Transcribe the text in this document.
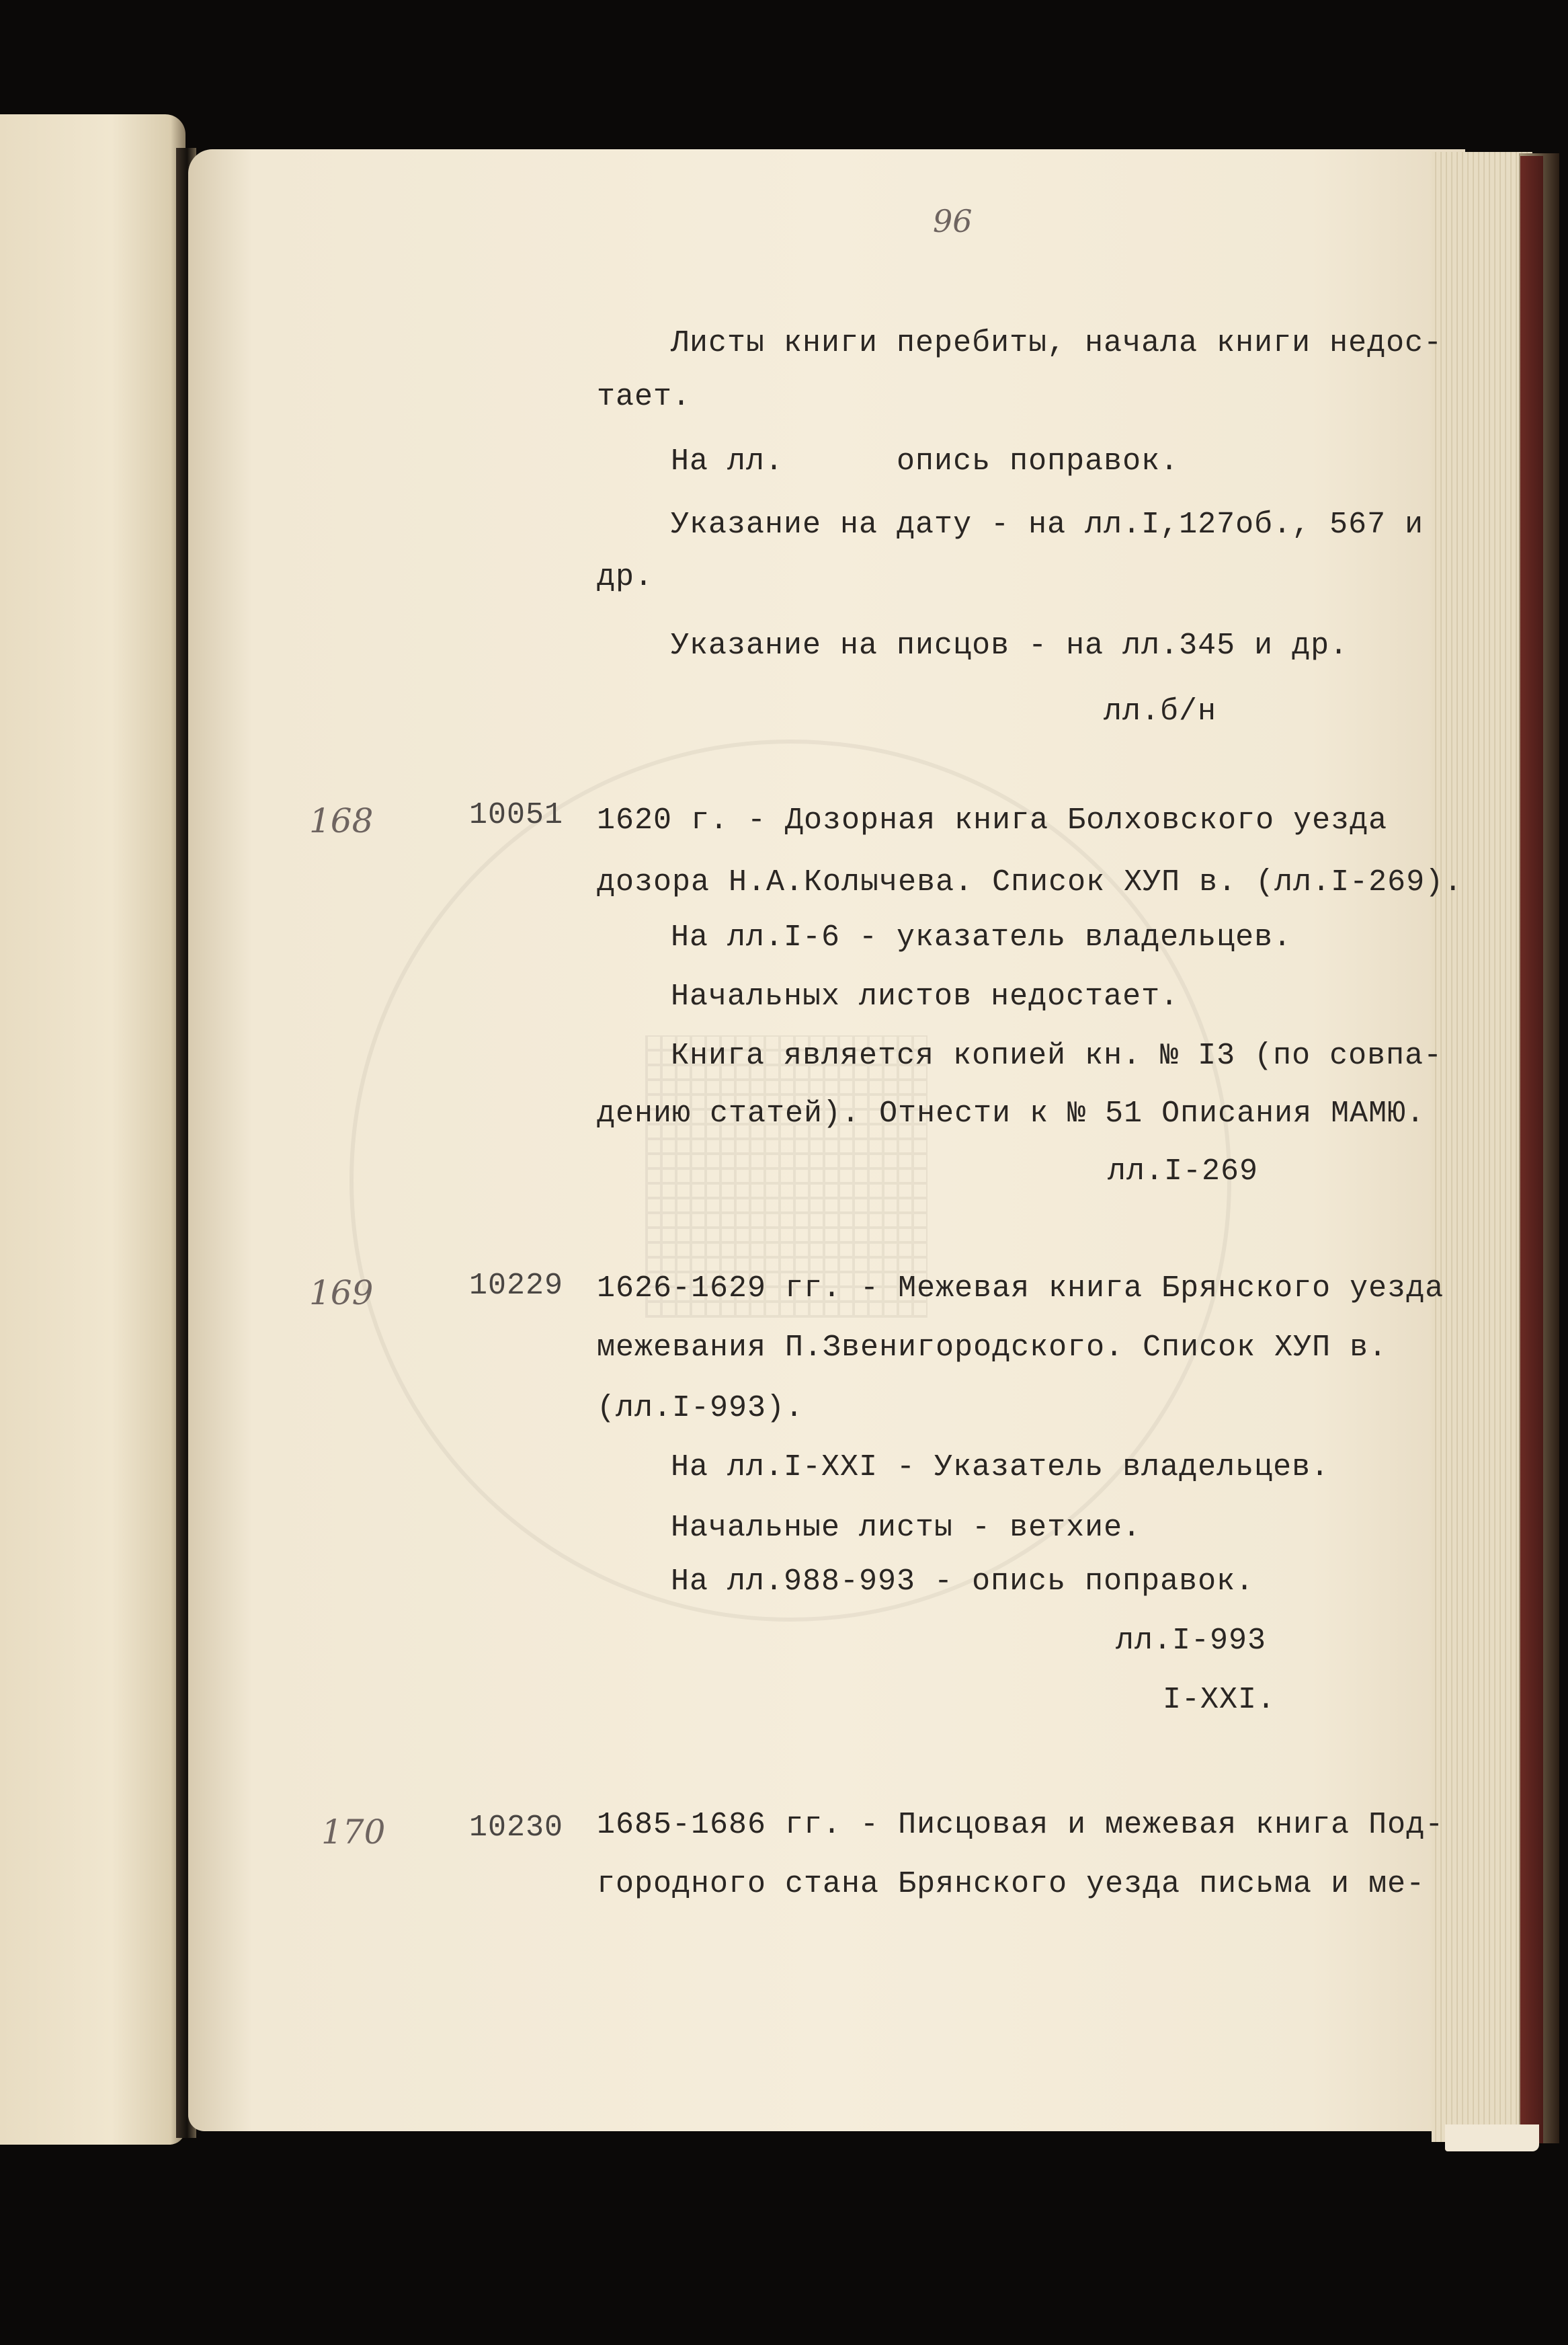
96
Листы книги перебиты, начала книги недос-
тает.
На лл.      опись поправок.
Указание на дату - на лл.I,127об., 567 и
др.
Указание на писцов - на лл.345 и др.
лл.б/н
168	10051 1620 г. - Дозорная книга Болховского уезда
дозора Н.А.Колычева. Список ХУП в. (лл.I-269).
На лл.I-6 - указатель владельцев.
Начальных листов недостает.
Книга является копией кн. № I3 (по совпа-
дению статей). Отнести к № 51 Описания МАМЮ.
лл.I-269
169	10229 1626-1629 гг. - Межевая книга Брянского уезда
межевания П.Звенигородского. Список ХУП в.
(лл.I-993).
На лл.I-ХХI - Указатель владельцев.
Начальные листы - ветхие.
На лл.988-993 - опись поправок.
лл.I-993
I-ХХI.
170	10230 1685-1686 гг. - Писцовая и межевая книга Под-
городного стана Брянского уезда письма и ме-
